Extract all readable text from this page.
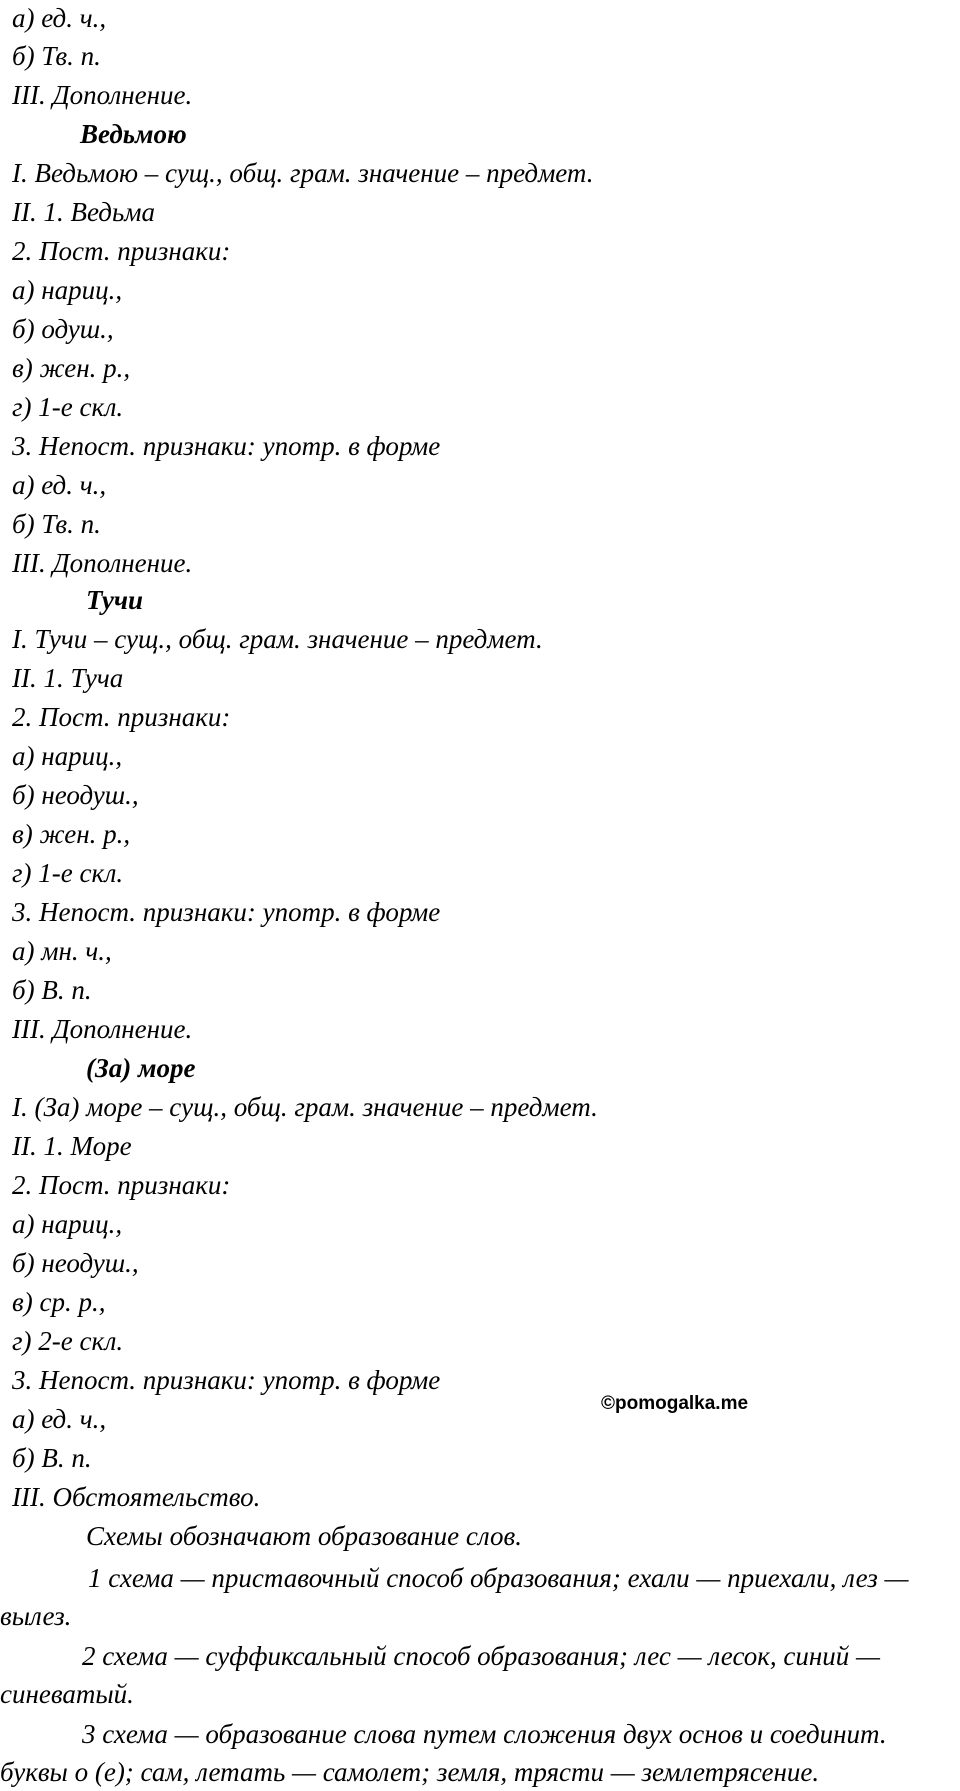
а) ед. ч.,
б) Тв. п.
III. Дополнение.
Ведьмою
I. Ведьмою – сущ., общ. грам. значение – предмет.
II. 1. Ведьма
2. Пост. признаки:
а) нариц.,
б) одуш.,
в) жен. р.,
г) 1-е скл.
3. Непост. признаки: употр. в форме
а) ед. ч.,
б) Тв. п.
III. Дополнение.
Тучи
I. Тучи – сущ., общ. грам. значение – предмет.
II. 1. Туча
2. Пост. признаки:
а) нариц.,
б) неодуш.,
в) жен. р.,
г) 1-е скл.
3. Непост. признаки: употр. в форме
а) мн. ч.,
б) В. п.
III. Дополнение.
(За) море
I. (За) море – сущ., общ. грам. значение – предмет.
II. 1. Море
2. Пост. признаки:
а) нариц.,
б) неодуш.,
в) ср. р.,
г) 2-е скл.
3. Непост. признаки: употр. в форме
а) ед. ч.,
б) В. п.
III. Обстоятельство.
Схемы обозначают образование слов.
1 схема — приставочный способ образования; ехали — приехали, лез — вылез.
2 схема — суффиксальный способ образования; лес — лесок, синий — синеватый.
3 схема — образование слова путем сложения двух основ и соединит. буквы о (е); сам, летать — самолет; земля, трясти — землетрясение.
©pomogalka.me
